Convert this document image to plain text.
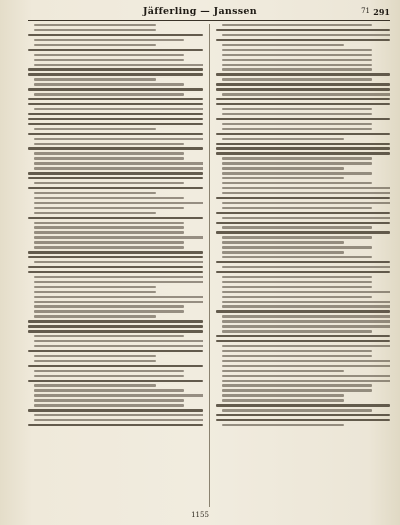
Jäfferling — Janssen	71 291
1155
